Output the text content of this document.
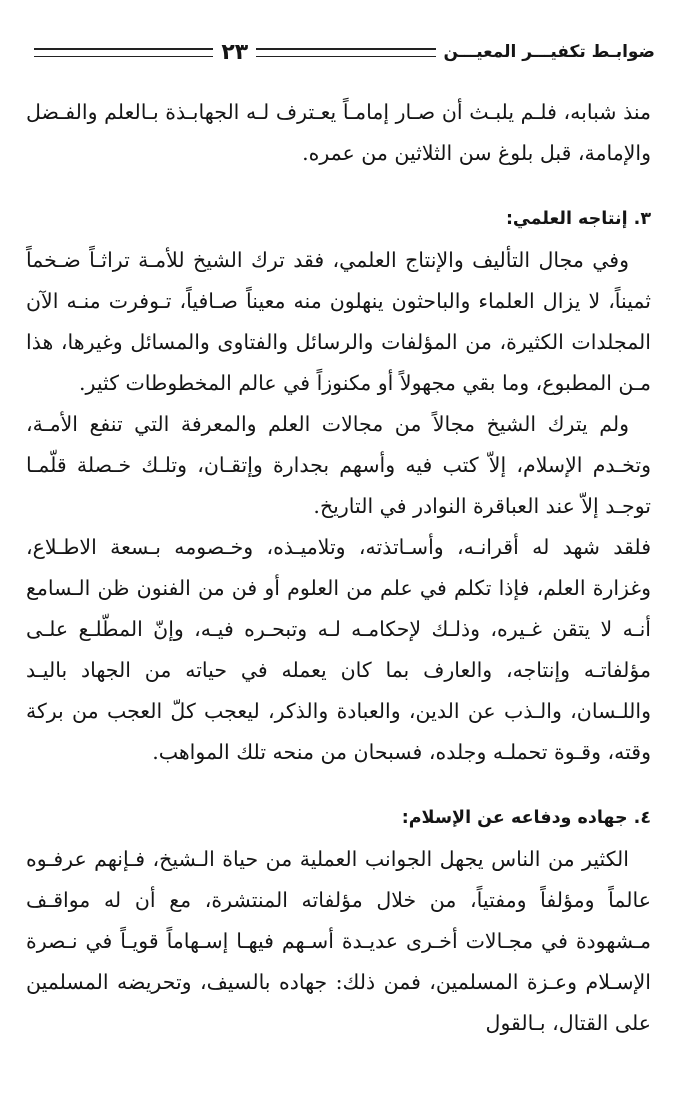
ضوابـط تكفيـــر المعيـــن
٢٣

منذ شبابه، فلـم يلبـث أن صـار إمامـاً يعـترف لـه الجهابـذة بـالعلم والفـضل والإمامة، قبل بلوغ سن الثلاثين من عمره.

٣. إنتاجه العلمي:

وفي مجال التأليف والإنتاج العلمي، فقد ترك الشيخ للأمـة تراثـاً ضـخماً ثميناً، لا يزال العلماء والباحثون ينهلون منه معيناً صـافياً، تـوفرت منـه الآن المجلدات الكثيرة، من المؤلفات والرسائل والفتاوى والمسائل وغيرها، هذا مـن المطبوع، وما بقي مجهولاً أو مكنوزاً في عالم المخطوطات كثير.

ولم يترك الشيخ مجالاً من مجالات العلم والمعرفة التي تنفع الأمـة، وتخـدم الإسلام، إلاّ كتب فيه وأسهم بجدارة وإتقـان، وتلـك خـصلة قلّمـا توجـد إلاّ عند العباقرة النوادر في التاريخ.

فلقد شهد له أقرانـه، وأسـاتذته، وتلاميـذه، وخـصومه بـسعة الاطـلاع، وغزارة العلم، فإذا تكلم في علم من العلوم أو فن من الفنون ظن الـسامع أنـه لا يتقن غـيره، وذلـك لإحكامـه لـه وتبحـره فيـه، وإنّ المطّلـع علـى مؤلفاتـه وإنتاجه، والعارف بما كان يعمله في حياته من الجهاد باليـد واللـسان، والـذب عن الدين، والعبادة والذكر، ليعجب كلّ العجب من بركة وقته، وقـوة تحملـه وجلده، فسبحان من منحه تلك المواهب.

٤. جهاده ودفاعه عن الإسلام:

الكثير من الناس يجهل الجوانب العملية من حياة الـشيخ، فـإنهم عرفـوه عالماً ومؤلفاً ومفتياً، من خلال مؤلفاته المنتشرة، مع أن له مواقـف مـشهودة في مجـالات أخـرى عديـدة أسـهم فيهـا إسـهاماً قويـاً في نـصرة الإسـلام وعـزة المسلمين، فمن ذلك: جهاده بالسيف، وتحريضه المسلمين على القتال، بـالقول
